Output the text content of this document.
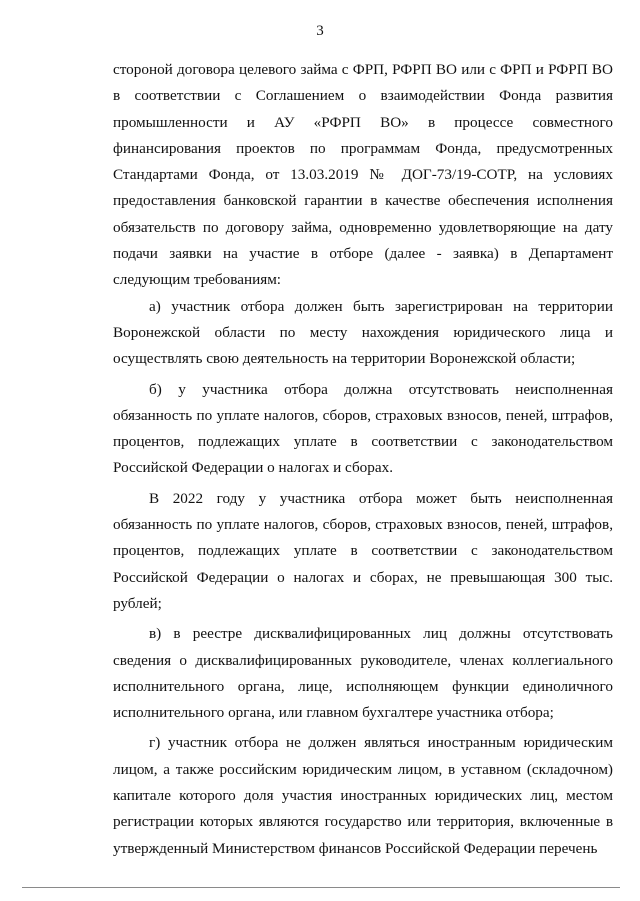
3

стороной договора целевого займа с ФРП, РФРП ВО или с ФРП и РФРП ВО в соответствии с Соглашением о взаимодействии Фонда развития промышленности и АУ «РФРП ВО» в процессе совместного финансирования проектов по программам Фонда, предусмотренных Стандартами Фонда, от 13.03.2019 № ДОГ-73/19-СОТР, на условиях предоставления банковской гарантии в качестве обеспечения исполнения обязательств по договору займа, одновременно удовлетворяющие на дату подачи заявки на участие в отборе (далее - заявка) в Департамент следующим требованиям:

а) участник отбора должен быть зарегистрирован на территории Воронежской области по месту нахождения юридического лица и осуществлять свою деятельность на территории Воронежской области;

б) у участника отбора должна отсутствовать неисполненная обязанность по уплате налогов, сборов, страховых взносов, пеней, штрафов, процентов, подлежащих уплате в соответствии с законодательством Российской Федерации о налогах и сборах.

В 2022 году у участника отбора может быть неисполненная обязанность по уплате налогов, сборов, страховых взносов, пеней, штрафов, процентов, подлежащих уплате в соответствии с законодательством Российской Федерации о налогах и сборах, не превышающая 300 тыс. рублей;

в) в реестре дисквалифицированных лиц должны отсутствовать сведения о дисквалифицированных руководителе, членах коллегиального исполнительного органа, лице, исполняющем функции единоличного исполнительного органа, или главном бухгалтере участника отбора;

г) участник отбора не должен являться иностранным юридическим лицом, а также российским юридическим лицом, в уставном (складочном) капитале которого доля участия иностранных юридических лиц, местом регистрации которых являются государство или территория, включенные в утвержденный Министерством финансов Российской Федерации перечень
